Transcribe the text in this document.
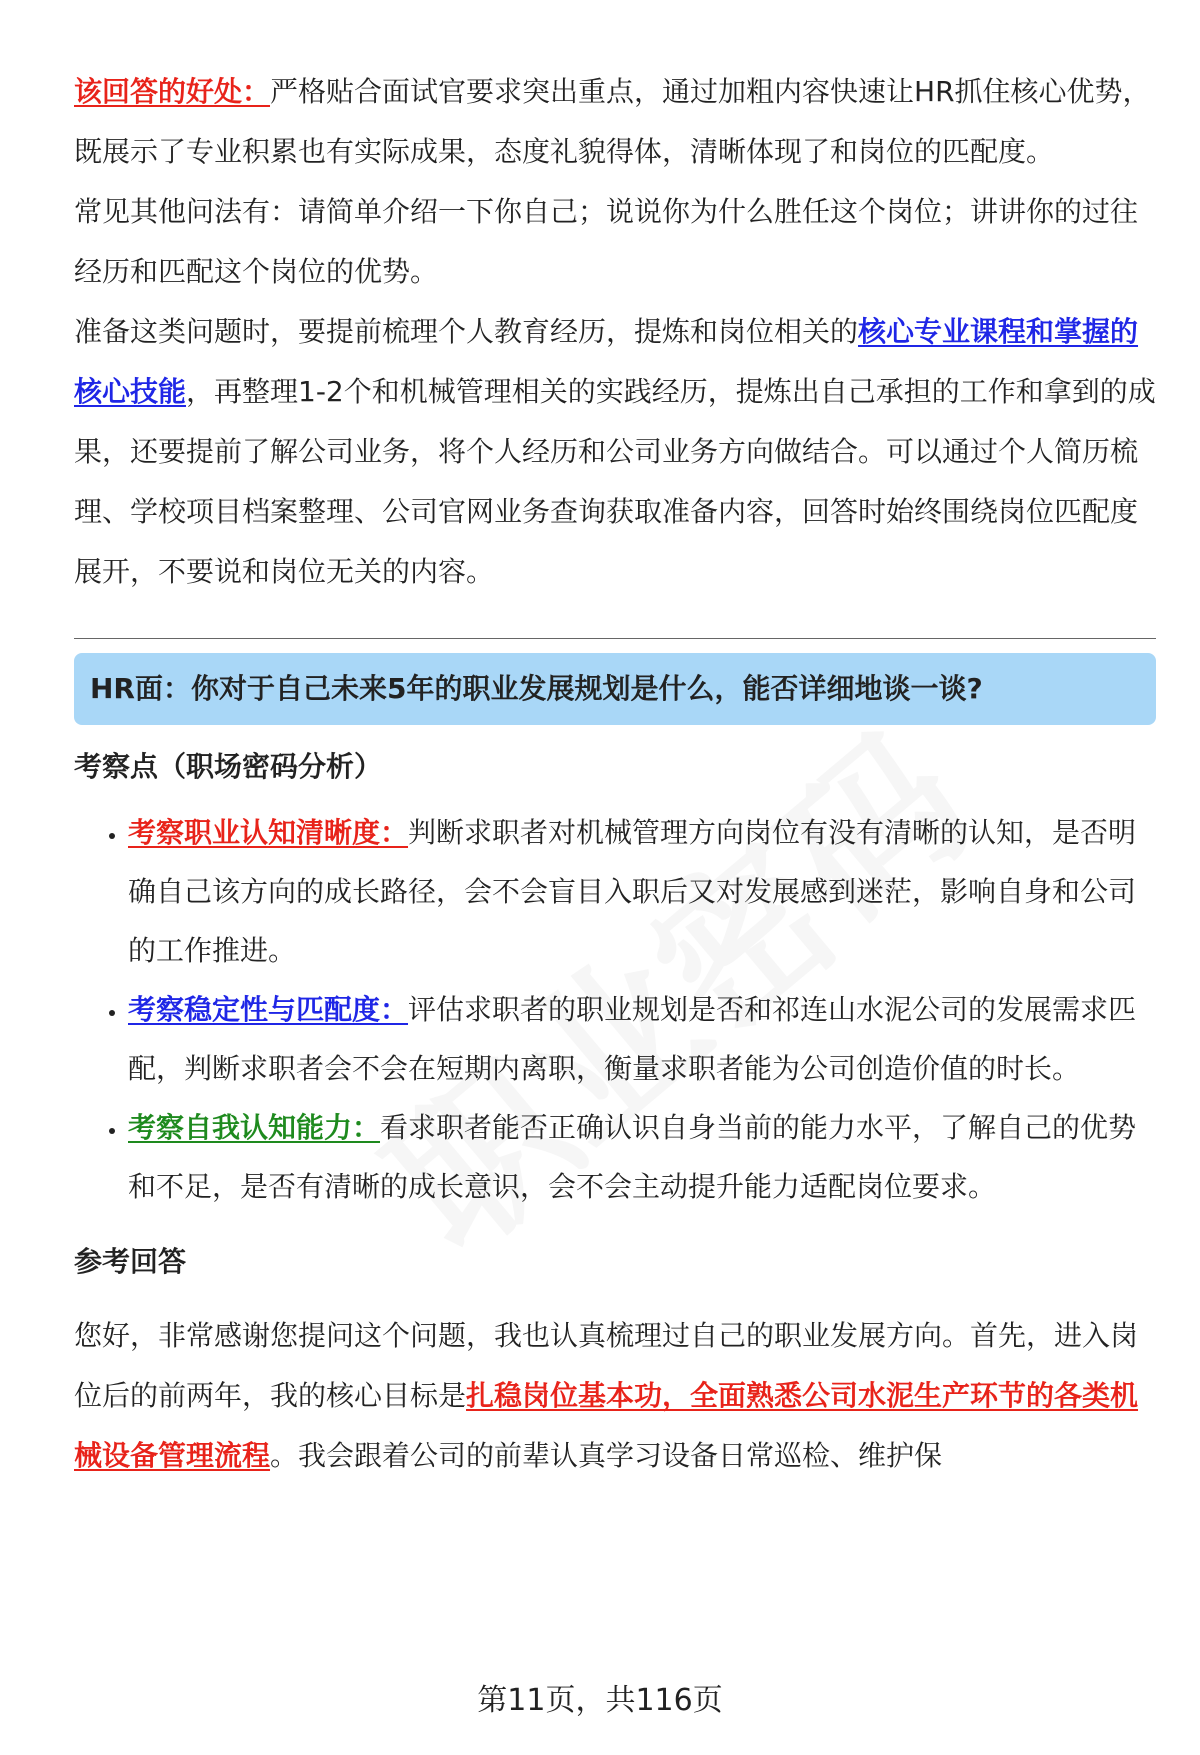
该回答的好处：严格贴合面试官要求突出重点，通过加粗内容快速让HR抓住核心优势，既展示了专业积累也有实际成果，态度礼貌得体，清晰体现了和岗位的匹配度。

常见其他问法有：请简单介绍一下你自己；说说你为什么胜任这个岗位；讲讲你的过往经历和匹配这个岗位的优势。

准备这类问题时，要提前梳理个人教育经历，提炼和岗位相关的核心专业课程和掌握的核心技能，再整理1-2个和机械管理相关的实践经历，提炼出自己承担的工作和拿到的成果，还要提前了解公司业务，将个人经历和公司业务方向做结合。可以通过个人简历梳理、学校项目档案整理、公司官网业务查询获取准备内容，回答时始终围绕岗位匹配度展开，不要说和岗位无关的内容。

HR面：你对于自己未来5年的职业发展规划是什么，能否详细地谈一谈?
考察点（职场密码分析）
• 考察职业认知清晰度：判断求职者对机械管理方向岗位有没有清晰的认知，是否明确自己该方向的成长路径，会不会盲目入职后又对发展感到迷茫，影响自身和公司的工作推进。
• 考察稳定性与匹配度：评估求职者的职业规划是否和祁连山水泥公司的发展需求匹配，判断求职者会不会在短期内离职，衡量求职者能为公司创造价值的时长。
• 考察自我认知能力：看求职者能否正确认识自身当前的能力水平，了解自己的优势和不足，是否有清晰的成长意识，会不会主动提升能力适配岗位要求。
参考回答

您好，非常感谢您提问这个问题，我也认真梳理过自己的职业发展方向。首先，进入岗位后的前两年，我的核心目标是扎稳岗位基本功，全面熟悉公司水泥生产环节的各类机械设备管理流程。我会跟着公司的前辈认真学习设备日常巡检、维护保

第11页，共116页
